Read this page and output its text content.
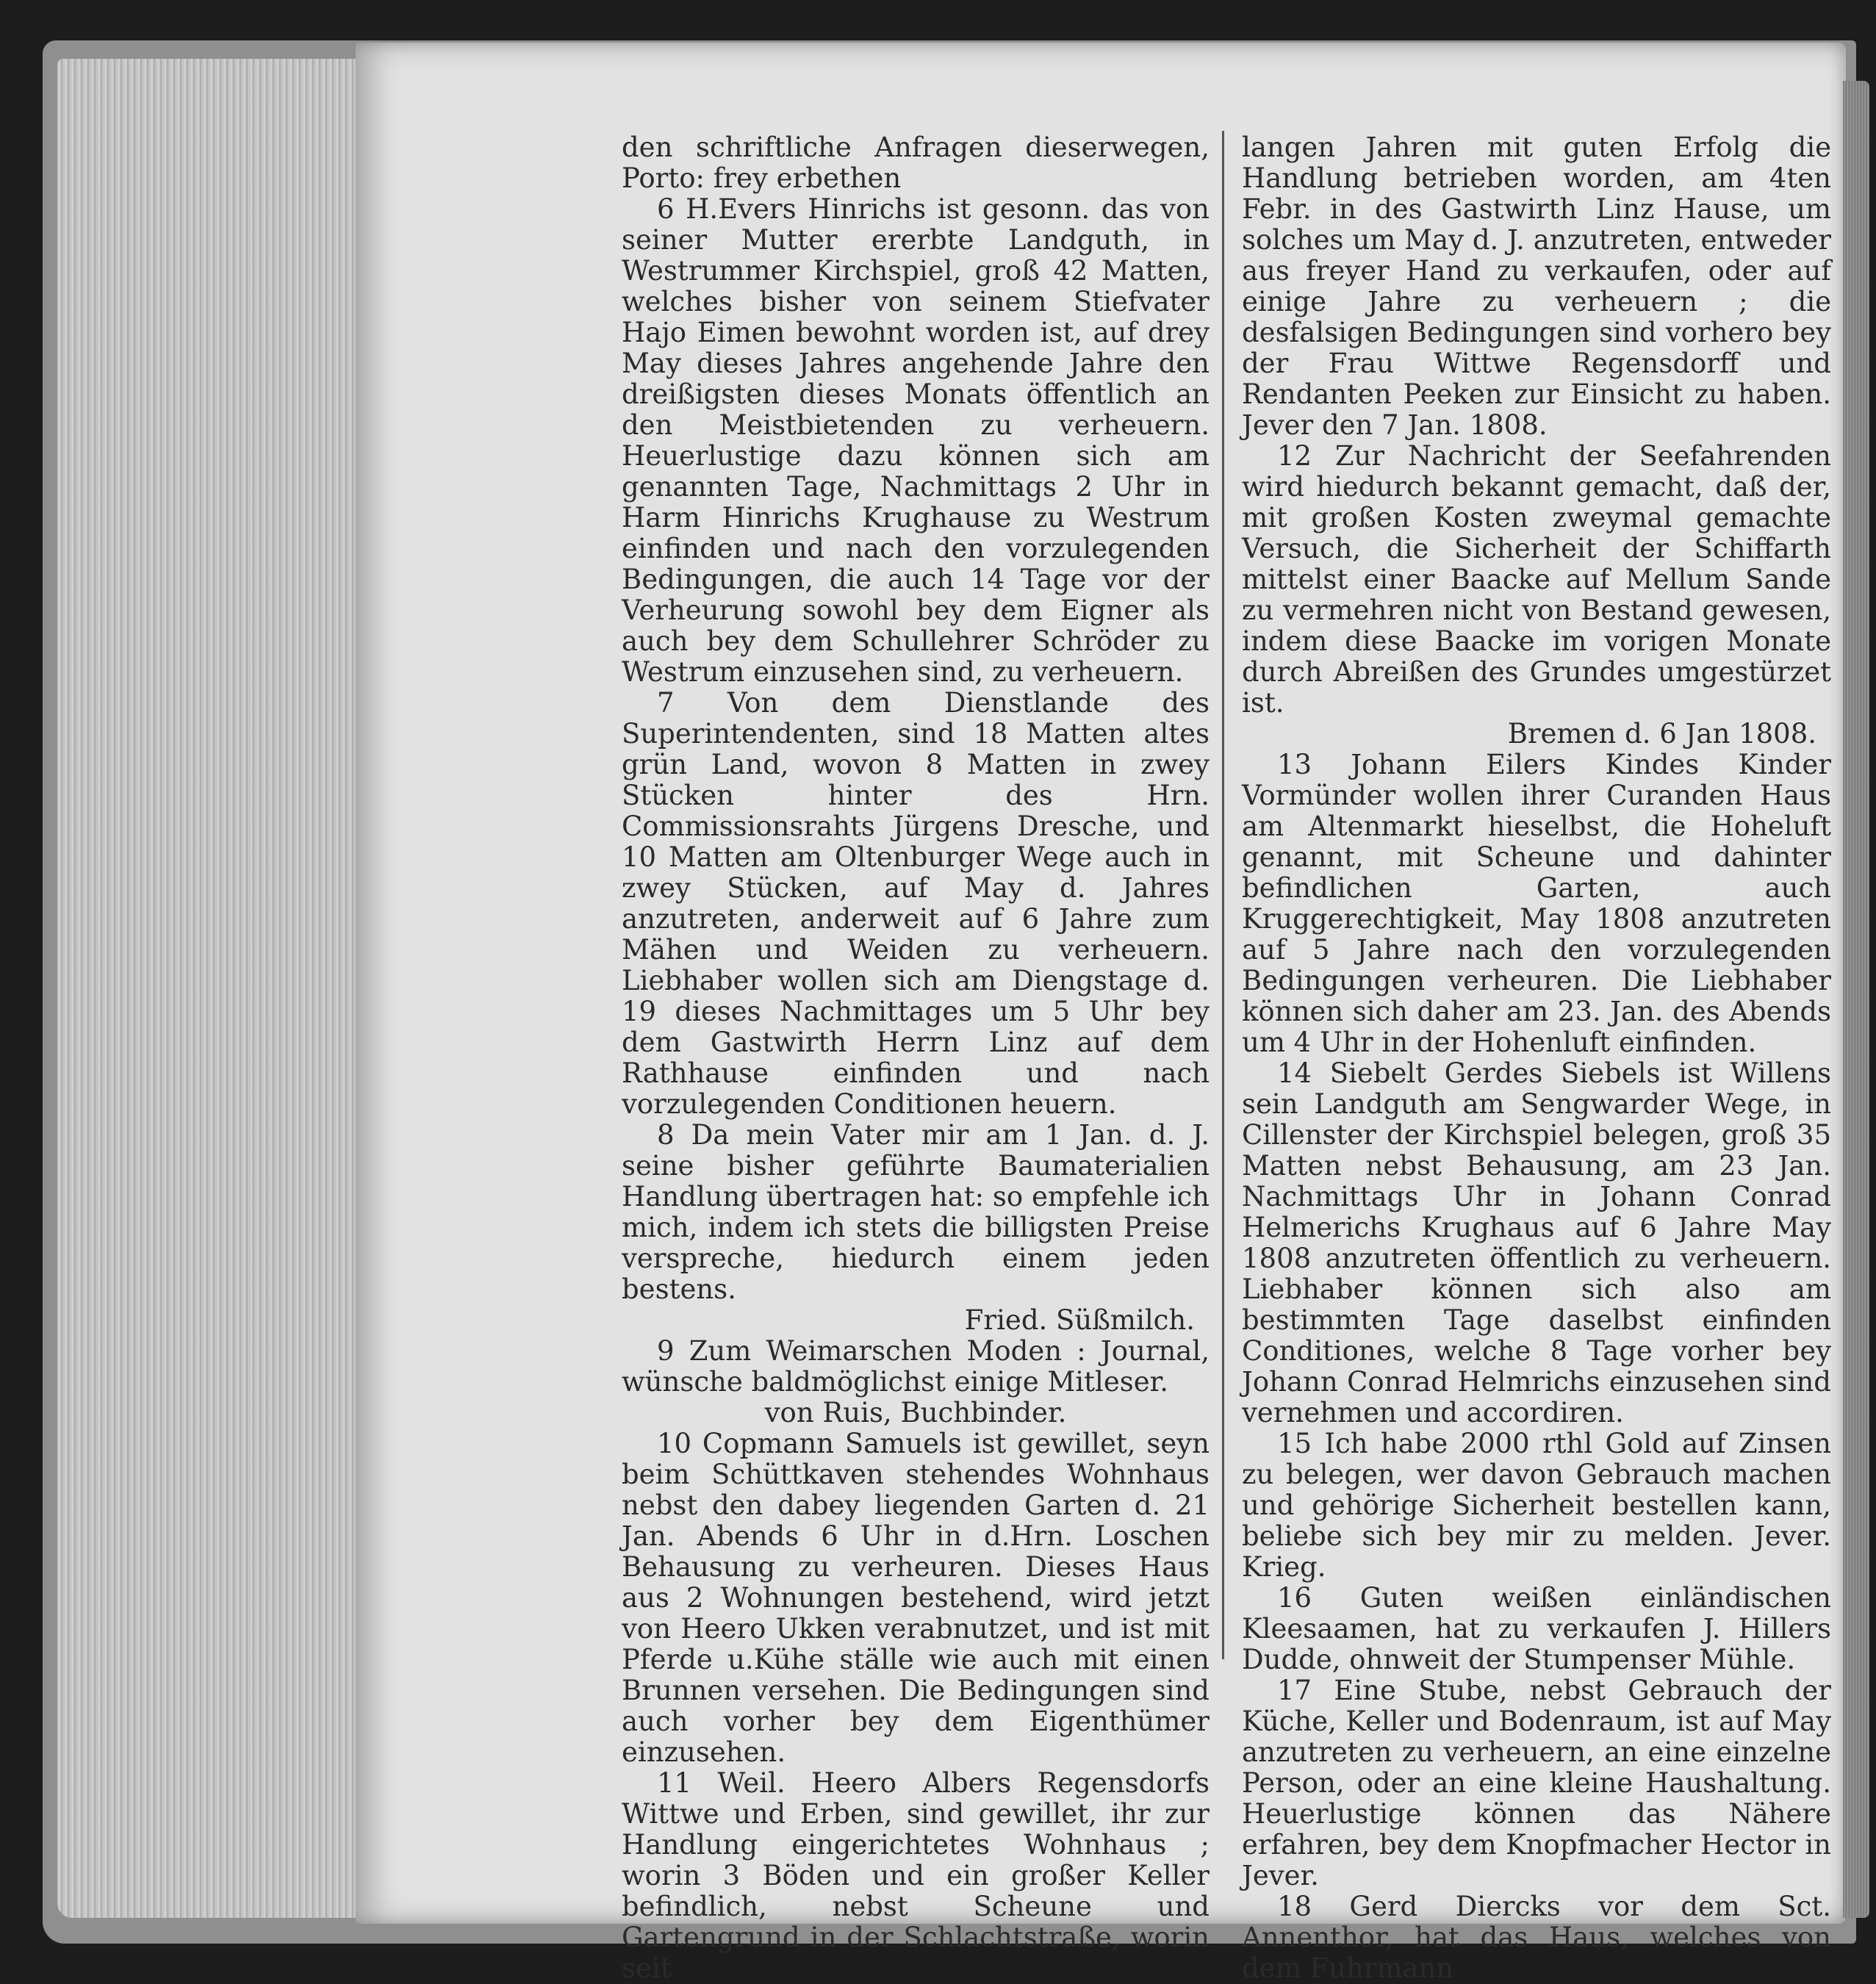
den schriftliche Anfragen dieserwegen, Porto: frey erbethen

6 H.Evers Hinrichs ist gesonn. das von seiner Mutter ererbte Landguth, in Westrummer Kirchspiel, groß 42 Matten, welches bisher von seinem Stiefvater Hajo Eimen bewohnt worden ist, auf drey May dieses Jahres angehende Jahre den dreißigsten dieses Monats öffentlich an den Meistbietenden zu verheuern. Heuerlustige dazu können sich am genannten Tage, Nachmittags 2 Uhr in Harm Hinrichs Krughause zu Westrum einfinden und nach den vorzulegenden Bedingungen, die auch 14 Tage vor der Verheurung sowohl bey dem Eigner als auch bey dem Schullehrer Schröder zu Westrum einzusehen sind, zu verheuern.

7 Von dem Dienstlande des Superintendenten, sind 18 Matten altes grün Land, wovon 8 Matten in zwey Stücken hinter des Hrn. Commissionsrahts Jürgens Dresche, und 10 Matten am Oltenburger Wege auch in zwey Stücken, auf May d. Jahres anzutreten, anderweit auf 6 Jahre zum Mähen und Weiden zu verheuern. Liebhaber wollen sich am Diengstage d. 19 dieses Nachmittages um 5 Uhr bey dem Gastwirth Herrn Linz auf dem Rathhause einfinden und nach vorzulegenden Conditionen heuern.

8 Da mein Vater mir am 1 Jan. d. J. seine bisher geführte Baumaterialien Handlung übertragen hat: so empfehle ich mich, indem ich stets die billigsten Preise verspreche, hiedurch einem jeden bestens.

Fried. Süßmilch.

9 Zum Weimarschen Moden : Journal, wünsche baldmöglichst einige Mitleser.

von Ruis, Buchbinder.

10 Copmann Samuels ist gewillet, seyn beim Schüttkaven stehendes Wohnhaus nebst den dabey liegenden Garten d. 21 Jan. Abends 6 Uhr in d.Hrn. Loschen Behausung zu verheuren. Dieses Haus aus 2 Wohnungen bestehend, wird jetzt von Heero Ukken verabnutzet, und ist mit Pferde u.Kühe ställe wie auch mit einen Brunnen versehen. Die Bedingungen sind auch vorher bey dem Eigenthümer einzusehen.

11 Weil. Heero Albers Regensdorfs Wittwe und Erben, sind gewillet, ihr zur Handlung eingerichtetes Wohnhaus ; worin 3 Böden und ein großer Keller befindlich, nebst Scheune und Gartengrund in der Schlachtstraße, worin seit

langen Jahren mit guten Erfolg die Handlung betrieben worden, am 4ten Febr. in des Gastwirth Linz Hause, um solches um May d. J. anzutreten, entweder aus freyer Hand zu verkaufen, oder auf einige Jahre zu verheuern ; die desfalsigen Bedingungen sind vorhero bey der Frau Wittwe Regensdorff und Rendanten Peeken zur Einsicht zu haben. Jever den 7 Jan. 1808.

12 Zur Nachricht der Seefahrenden wird hiedurch bekannt gemacht, daß der, mit großen Kosten zweymal gemachte Versuch, die Sicherheit der Schiffarth mittelst einer Baacke auf Mellum Sande zu vermehren nicht von Bestand gewesen, indem diese Baacke im vorigen Monate durch Abreißen des Grundes umgestürzet ist.

Bremen d. 6 Jan 1808.

13 Johann Eilers Kindes Kinder Vormünder wollen ihrer Curanden Haus am Altenmarkt hieselbst, die Hoheluft genannt, mit Scheune und dahinter befindlichen Garten, auch Kruggerechtigkeit, May 1808 anzutreten auf 5 Jahre nach den vorzulegenden Bedingungen verheuren. Die Liebhaber können sich daher am 23. Jan. des Abends um 4 Uhr in der Hohenluft einfinden.

14 Siebelt Gerdes Siebels ist Willens sein Landguth am Sengwarder Wege, in Cillenster der Kirchspiel belegen, groß 35 Matten nebst Behausung, am 23 Jan. Nachmittags Uhr in Johann Conrad Helmerichs Krughaus auf 6 Jahre May 1808 anzutreten öffentlich zu verheuern. Liebhaber können sich also am bestimmten Tage daselbst einfinden Conditiones, welche 8 Tage vorher bey Johann Conrad Helmrichs einzusehen sind vernehmen und accordiren.

15 Ich habe 2000 rthl Gold auf Zinsen zu belegen, wer davon Gebrauch machen und gehörige Sicherheit bestellen kann, beliebe sich bey mir zu melden. Jever. Krieg.

16 Guten weißen einländischen Kleesaamen, hat zu verkaufen J. Hillers Dudde, ohnweit der Stumpenser Mühle.

17 Eine Stube, nebst Gebrauch der Küche, Keller und Bodenraum, ist auf May anzutreten zu verheuern, an eine einzelne Person, oder an eine kleine Haushaltung. Heuerlustige können das Nähere erfahren, bey dem Knopfmacher Hector in Jever.

18 Gerd Diercks vor dem Sct. Annenthor, hat das Haus, welches von dem Fuhrmann
